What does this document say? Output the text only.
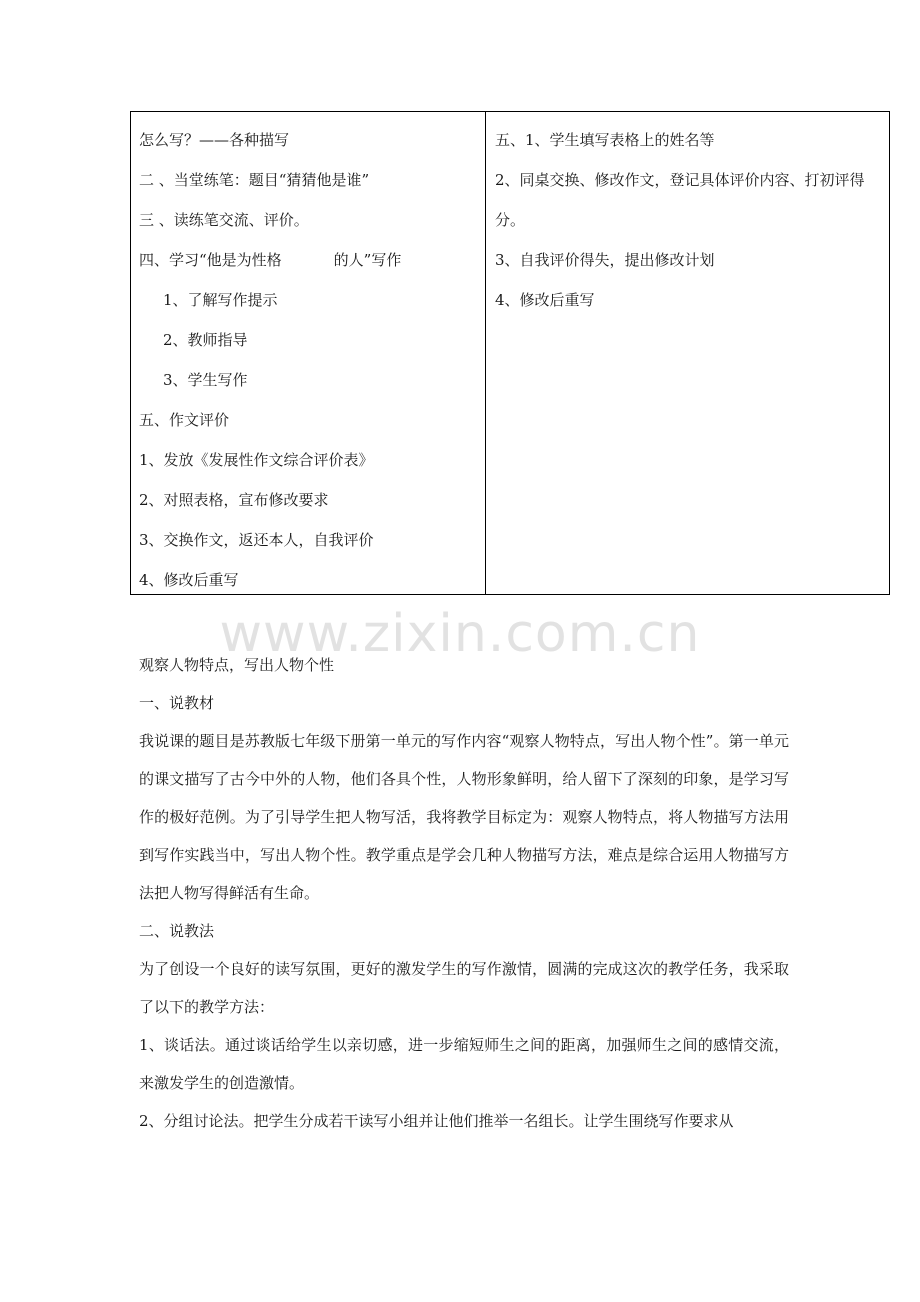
怎么写？——各种描写
二 、当堂练笔：题目“猜猜他是谁”
三 、读练笔交流、评价。
四、学习“他是为性格	的人”写作
1、了解写作提示
2、教师指导
3、学生写作
五、作文评价
1、发放《发展性作文综合评价表》
2、对照表格，宣布修改要求
3、交换作文，返还本人，自我评价
4、修改后重写
五、1、学生填写表格上的姓名等
2、同桌交换、修改作文，登记具体评价内容、打初评得分。
3、自我评价得失，提出修改计划
4、修改后重写
www.zixin.com.cn

观察人物特点，写出人物个性

一、说教材

我说课的题目是苏教版七年级下册第一单元的写作内容“观察人物特点，写出人物个性”。第一单元的课文描写了古今中外的人物，他们各具个性，人物形象鲜明，给人留下了深刻的印象，是学习写作的极好范例。为了引导学生把人物写活，我将教学目标定为：观察人物特点，将人物描写方法用到写作实践当中，写出人物个性。教学重点是学会几种人物描写方法，难点是综合运用人物描写方法把人物写得鲜活有生命。

二、说教法

为了创设一个良好的读写氛围，更好的激发学生的写作激情，圆满的完成这次的教学任务，我采取了以下的教学方法：

1、谈话法。通过谈话给学生以亲切感，进一步缩短师生之间的距离，加强师生之间的感情交流，来激发学生的创造激情。

2、分组讨论法。把学生分成若干读写小组并让他们推举一名组长。让学生围绕写作要求从
